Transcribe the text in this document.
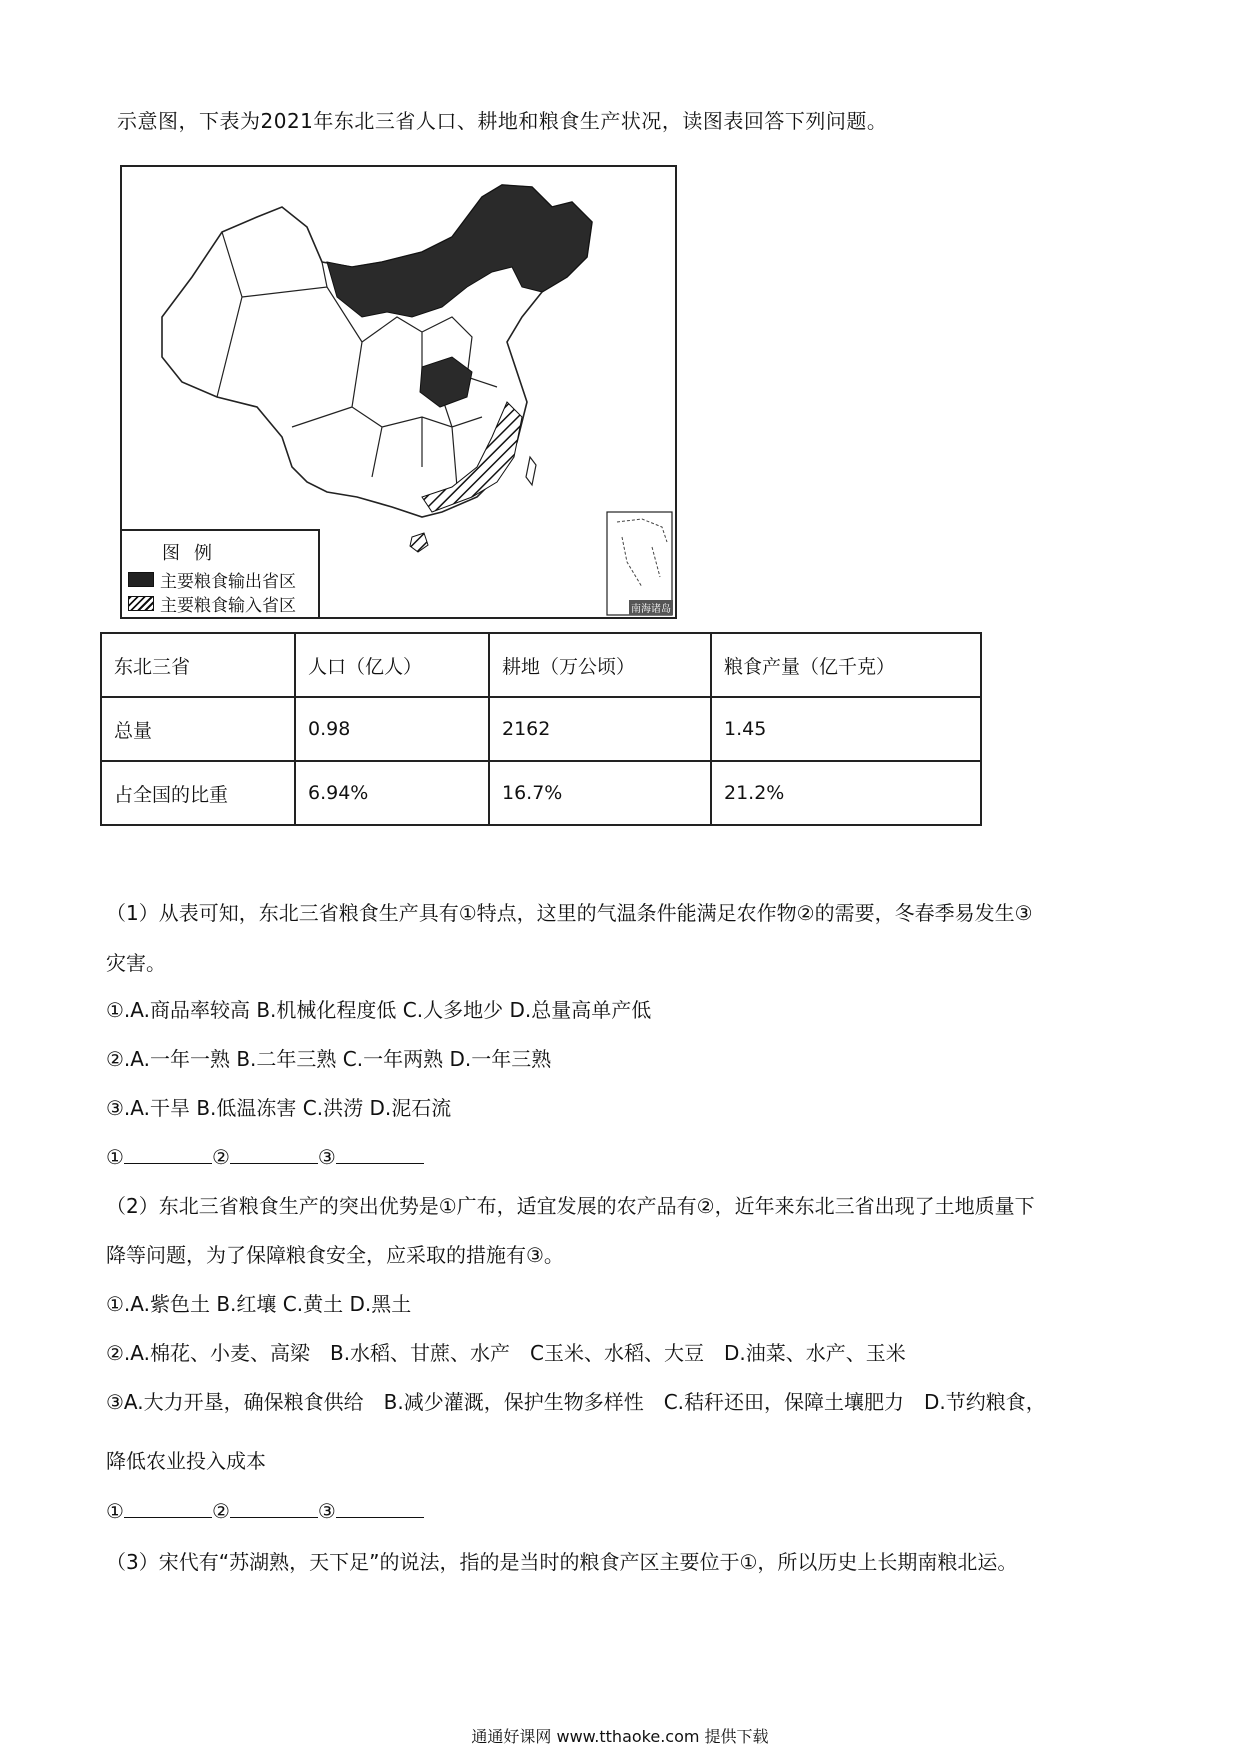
示意图，下表为2021年东北三省人口、耕地和粮食生产状况，读图表回答下列问题。
图例
主要粮食输出省区
主要粮食输入省区	南海诸岛
东北三省	人口（亿人）	耕地（万公顷）	粮食产量（亿千克）
总量	0.98	2162	1.45
占全国的比重	6.94%	16.7%	21.2%
（1）从表可知，东北三省粮食生产具有①特点，这里的气温条件能满足农作物②的需要，冬春季易发生③
灾害。
①.A.商品率较高 B.机械化程度低 C.人多地少 D.总量高单产低
②.A.一年一熟 B.二年三熟 C.一年两熟 D.一年三熟
③.A.干旱 B.低温冻害 C.洪涝 D.泥石流
①	②	③
（2）东北三省粮食生产的突出优势是①广布，适宜发展的农产品有②，近年来东北三省出现了土地质量下
降等问题，为了保障粮食安全，应采取的措施有③。
①.A.紫色土 B.红壤 C.黄土 D.黑土
②.A.棉花、小麦、高梁　B.水稻、甘蔗、水产　C玉米、水稻、大豆　D.油菜、水产、玉米
③A.大力开垦，确保粮食供给　B.减少灌溉，保护生物多样性　C.秸秆还田，保障土壤肥力　D.节约粮食，
降低农业投入成本
①	②	③
（3）宋代有“苏湖熟，天下足”的说法，指的是当时的粮食产区主要位于①，所以历史上长期南粮北运。
通通好课网 www.tthaoke.com 提供下载
